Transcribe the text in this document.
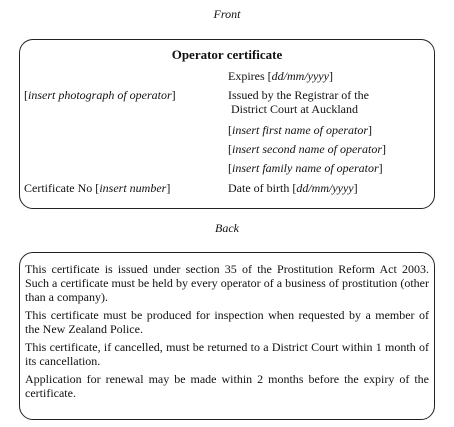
Front
Operator certificate
Expires [dd/mm/yyyy]
[insert photograph of operator]	Issued by the Registrar of the
District Court at Auckland
[insert first name of operator]
[insert second name of operator]
[insert family name of operator]
Certificate No [insert number]	Date of birth [dd/mm/yyyy]
Back

This certificate is issued under section 35 of the Prostitution Reform Act 2003. Such a certificate must be held by every operator of a business of prostitution (other than a company).

This certificate must be produced for inspection when requested by a member of the New Zealand Police.

This certificate, if cancelled, must be returned to a District Court within 1 month of its cancellation.

Application for renewal may be made within 2 months before the expiry of the certificate.
